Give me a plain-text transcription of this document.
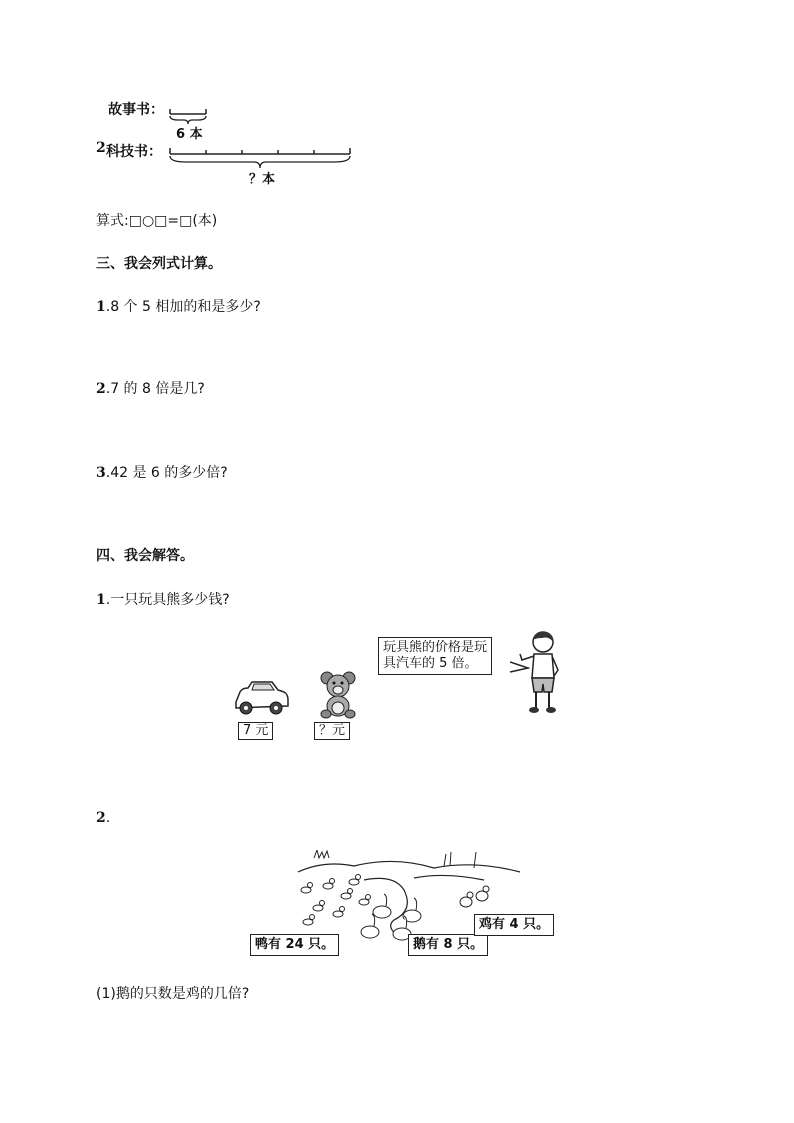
故事书：
6 本
2 科技书：
？本
算式:□○□=□(本)
三、我会列式计算。
1.8 个 5 相加的和是多少?
2.7 的 8 倍是几?
3.42 是 6 的多少倍?
四、我会解答。
1.一只玩具熊多少钱?
7 元	？元
玩具熊的价格是玩
具汽车的 5 倍。
2.
鸭有 24 只。	鹅有 8 只。
鸡有 4 只。
(1)鹅的只数是鸡的几倍?
